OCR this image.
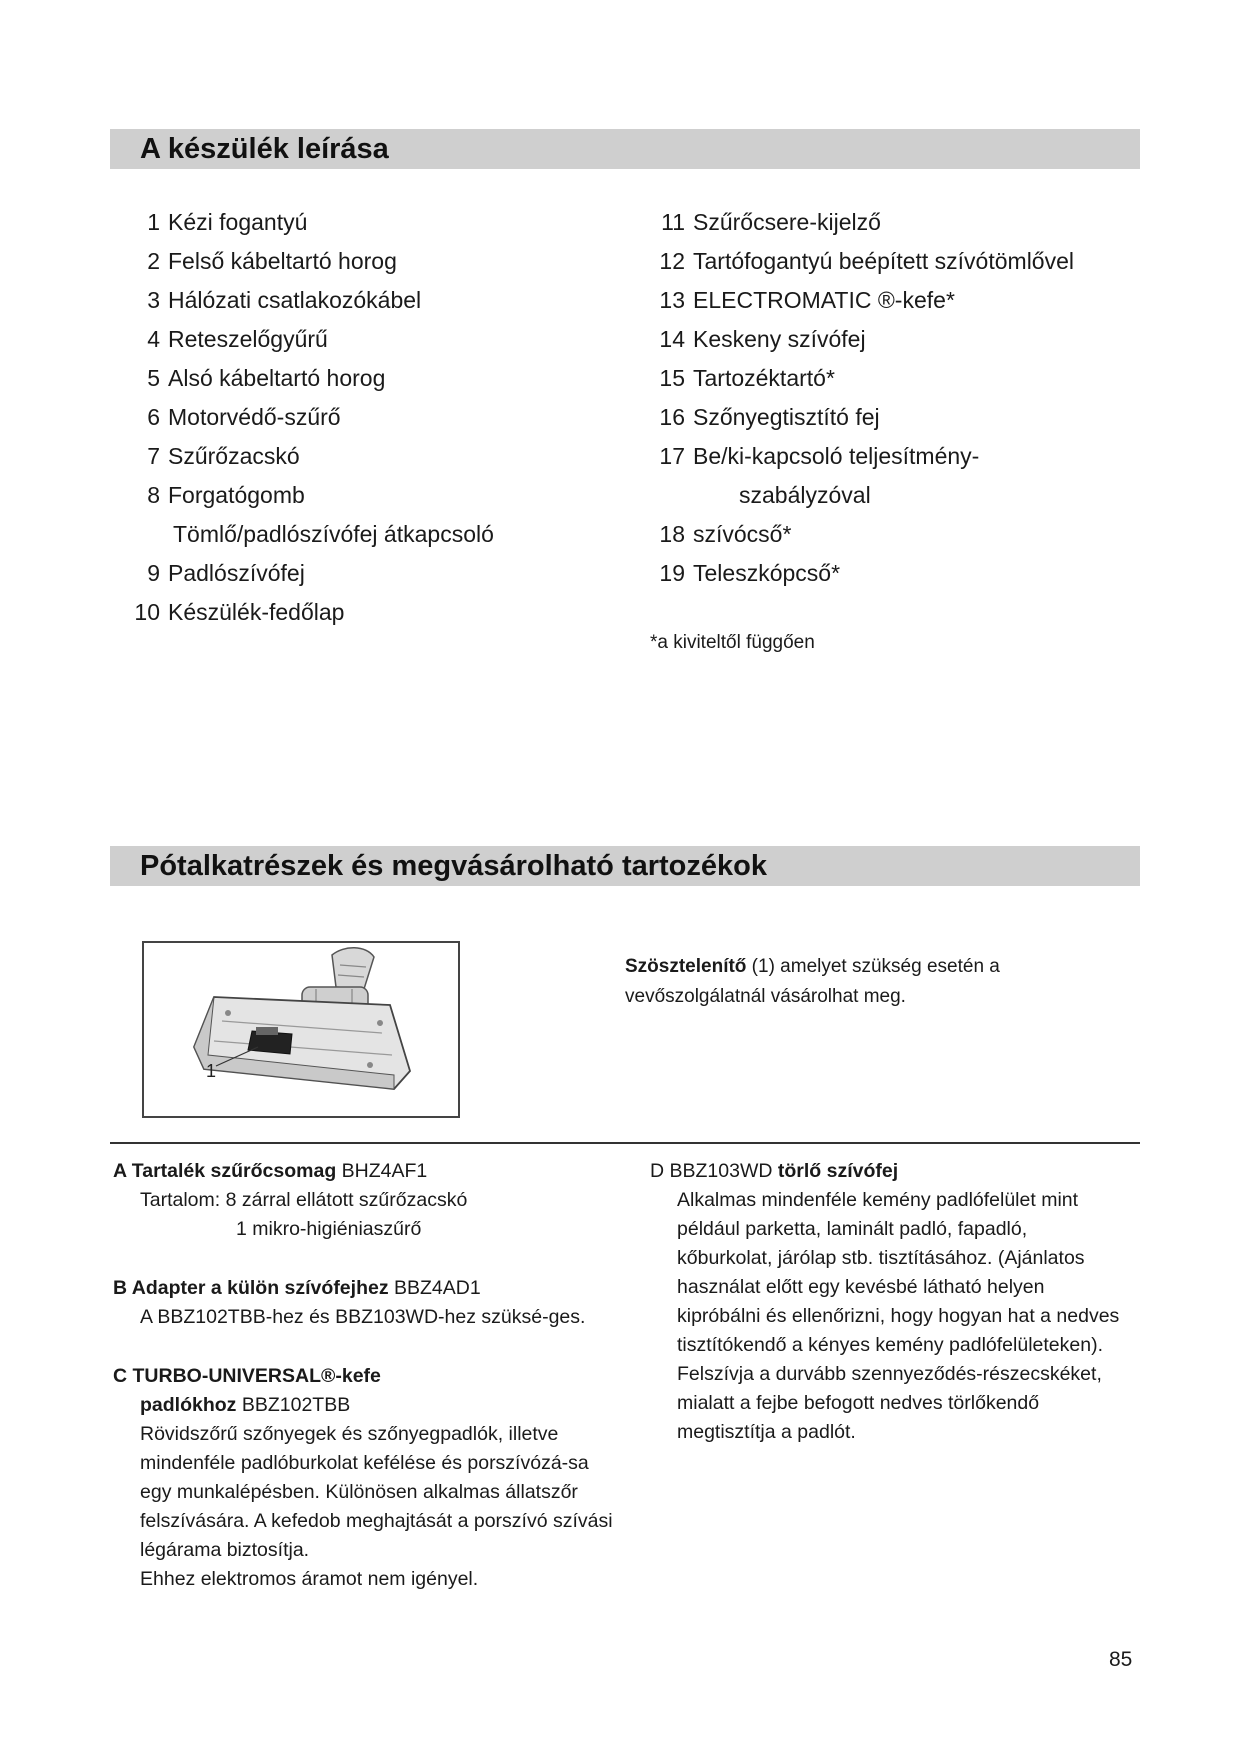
A készülék leírása
1 Kézi fogantyú
2 Felső kábeltartó horog
3 Hálózati csatlakozókábel
4 Reteszelőgyűrű
5 Alsó kábeltartó horog
6 Motorvédő-szűrő
7 Szűrőzacskó
8 Forgatógomb
Tömlő/padlószívófej átkapcsoló
9 Padlószívófej
10 Készülék-fedőlap
11 Szűrőcsere-kijelző
12 Tartófogantyú beépített szívótömlővel
13 ELECTROMATIC ®-kefe*
14 Keskeny szívófej
15 Tartozéktartó*
16 Szőnyegtisztító fej
17 Be/ki-kapcsoló teljesítmény-
szabályzóval
18 szívócső*
19 Teleszkópcső*
*a kiviteltől függően
Pótalkatrészek és megvásárolható tartozékok
1
Szösztelenítő (1) amelyet szükség esetén a vevőszolgálatnál vásárolhat meg.

A Tartalék szűrőcsomag BHZ4AF1

Tartalom: 8 zárral ellátott szűrőzacskó

1 mikro-higiéniaszűrő

B Adapter a külön szívófejhez BBZ4AD1

A BBZ102TBB-hez és BBZ103WD-hez szüksé-ges.

C TURBO-UNIVERSAL®-kefe

padlókhoz BBZ102TBB

Rövidszőrű szőnyegek és szőnyegpadlók, illetve mindenféle padlóburkolat kefélése és porszívózá-sa egy munkalépésben. Különösen alkalmas állatszőr felszívására. A kefedob meghajtását a porszívó szívási légárama biztosítja.

Ehhez elektromos áramot nem igényel.

D BBZ103WD törlő szívófej

Alkalmas mindenféle kemény padlófelület mint például parketta, laminált padló, fapadló, kőburkolat, járólap stb. tisztításához. (Ajánlatos használat előtt egy kevésbé látható helyen kipróbálni és ellenőrizni, hogy hogyan hat a nedves tisztítókendő a kényes kemény padlófelületeken).

Felszívja a durvább szennyeződés-részecskéket, mialatt a fejbe befogott nedves törlőkendő megtisztítja a padlót.

85
